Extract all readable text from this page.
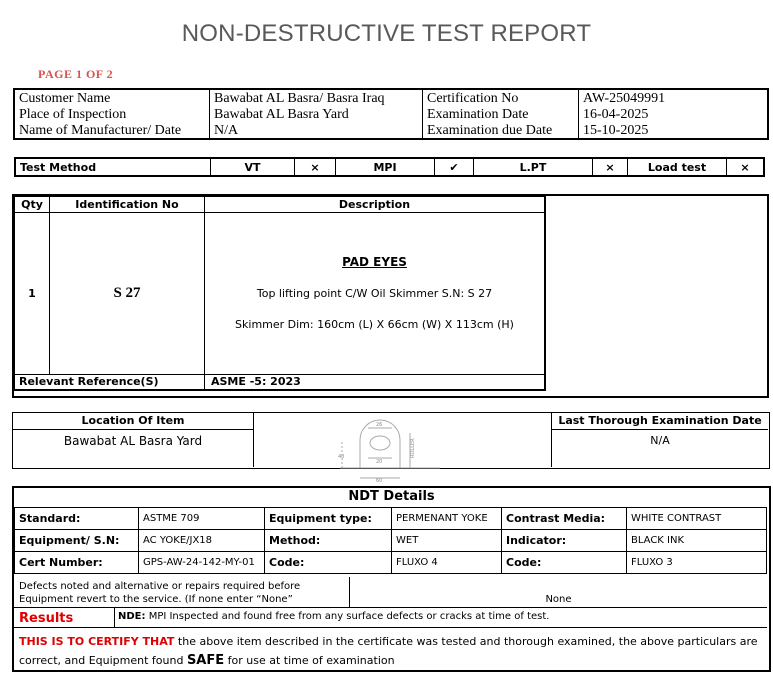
NON-DESTRUCTIVE TEST REPORT
PAGE 1 OF 2
Customer Name	Bawabat AL Basra/ Basra Iraq	Certification No	AW-25049991
Place of Inspection	Bawabat AL Basra Yard	Examination Date	16-04-2025
Name of Manufacturer/ Date	N/A	Examination due Date	15-10-2025
Test Method	VT	×	MPI	✔	L.PT	×	Load test	×
Qty	Identification No	Description
1	S 27	PAD EYES
Top lifting point C/W Oil Skimmer S.N: S 27
Skimmer Dim: 160cm (L) X 66cm (W) X 113cm (H)

Relevant Reference(S)		ASME -5: 2023
Location Of Item
Bawabat AL Basra Yard
Last Thorough Examination Date
N/A
26
20
40
60
ROLLER
NDT Details
Standard:	ASTME 709	Equipment type:	PERMENANT YOKE	Contrast Media:	WHITE CONTRAST
Equipment/ S.N:	AC YOKE/JX18	Method:	WET	Indicator:	BLACK INK
Cert Number:	GPS-AW-24-142-MY-01	Code:	FLUXO 4	Code:	FLUXO 3
Defects noted and alternative or repairs required before
Equipment revert to the service. (If none enter “None”	None
Results	NDE: MPI Inspected and found free from any surface defects or cracks at time of test.
THIS IS TO CERTIFY THAT the above item described in the certificate was tested and thorough examined, the above particulars are
correct, and Equipment found SAFE for use at time of examination
